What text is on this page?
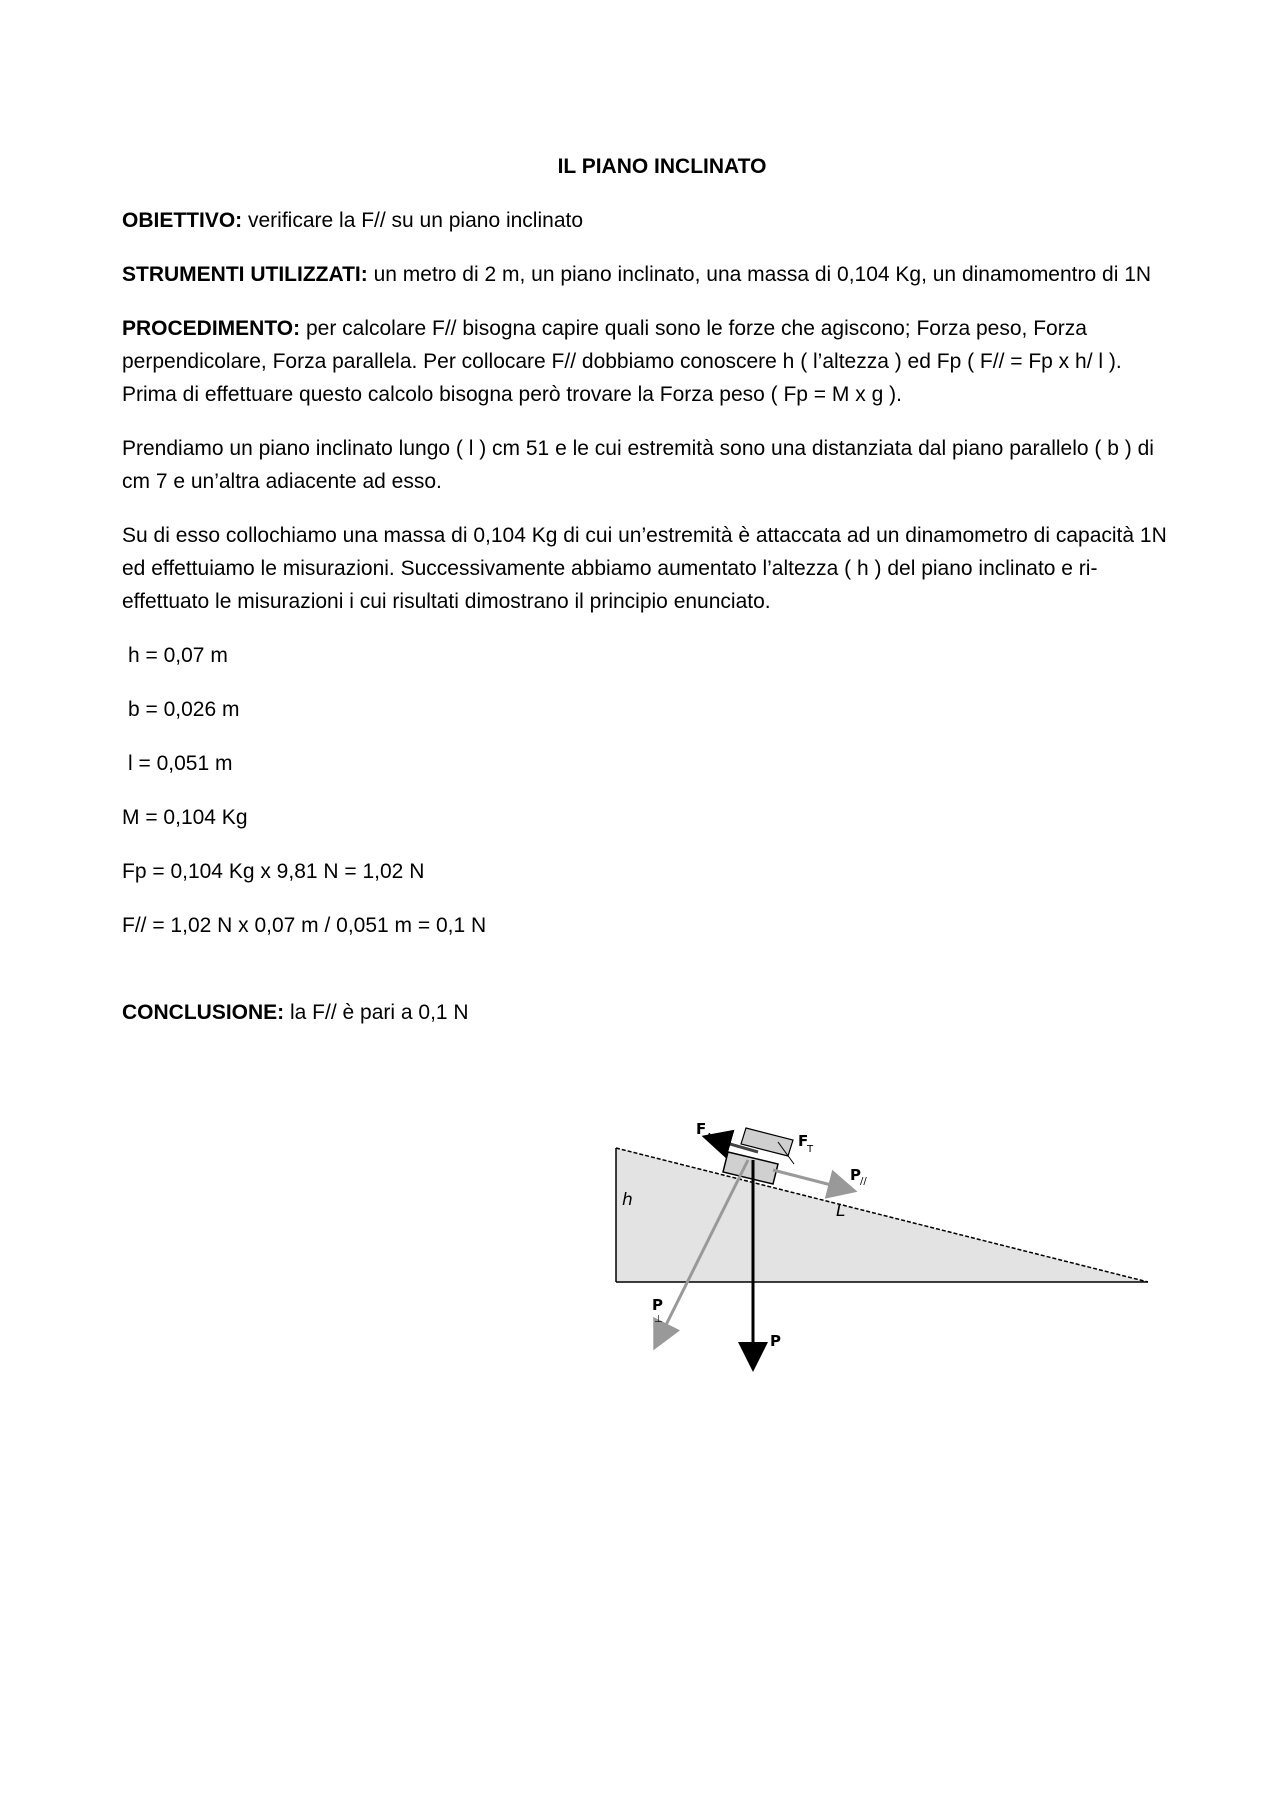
IL PIANO INCLINATO

OBIETTIVO: verificare la F// su un piano inclinato

STRUMENTI UTILIZZATI: un metro di 2 m, un piano inclinato, una massa di 0,104 Kg, un dinamomentro di 1N

PROCEDIMENTO: per calcolare F// bisogna capire quali sono le forze che agiscono; Forza peso, Forza perpendicolare, Forza parallela. Per collocare F// dobbiamo conoscere h ( l’altezza ) ed Fp ( F// = Fp x h/ l ). Prima di effettuare questo calcolo bisogna però trovare la Forza peso ( Fp = M x g ).

Prendiamo un piano inclinato lungo ( l ) cm 51 e le cui estremità sono una distanziata dal piano parallelo ( b ) di cm 7 e un’altra adiacente ad esso.

Su di esso collochiamo una massa di 0,104 Kg di cui un’estremità è attaccata ad un dinamometro di capacità 1N ed effettuiamo le misurazioni. Successivamente abbiamo aumentato l’altezza ( h ) del piano inclinato e ri-effettuato le misurazioni i cui risultati dimostrano il principio enunciato.

h = 0,07 m
b = 0,026 m
l = 0,051 m
M = 0,104 Kg
Fp = 0,104 Kg x 9,81 N = 1,02 N
F// = 1,02 N x 0,07 m / 0,051 m = 0,1 N

CONCLUSIONE: la F// è pari a 0,1 N

h
L
F A	F
T
P //
P
⊥
P
